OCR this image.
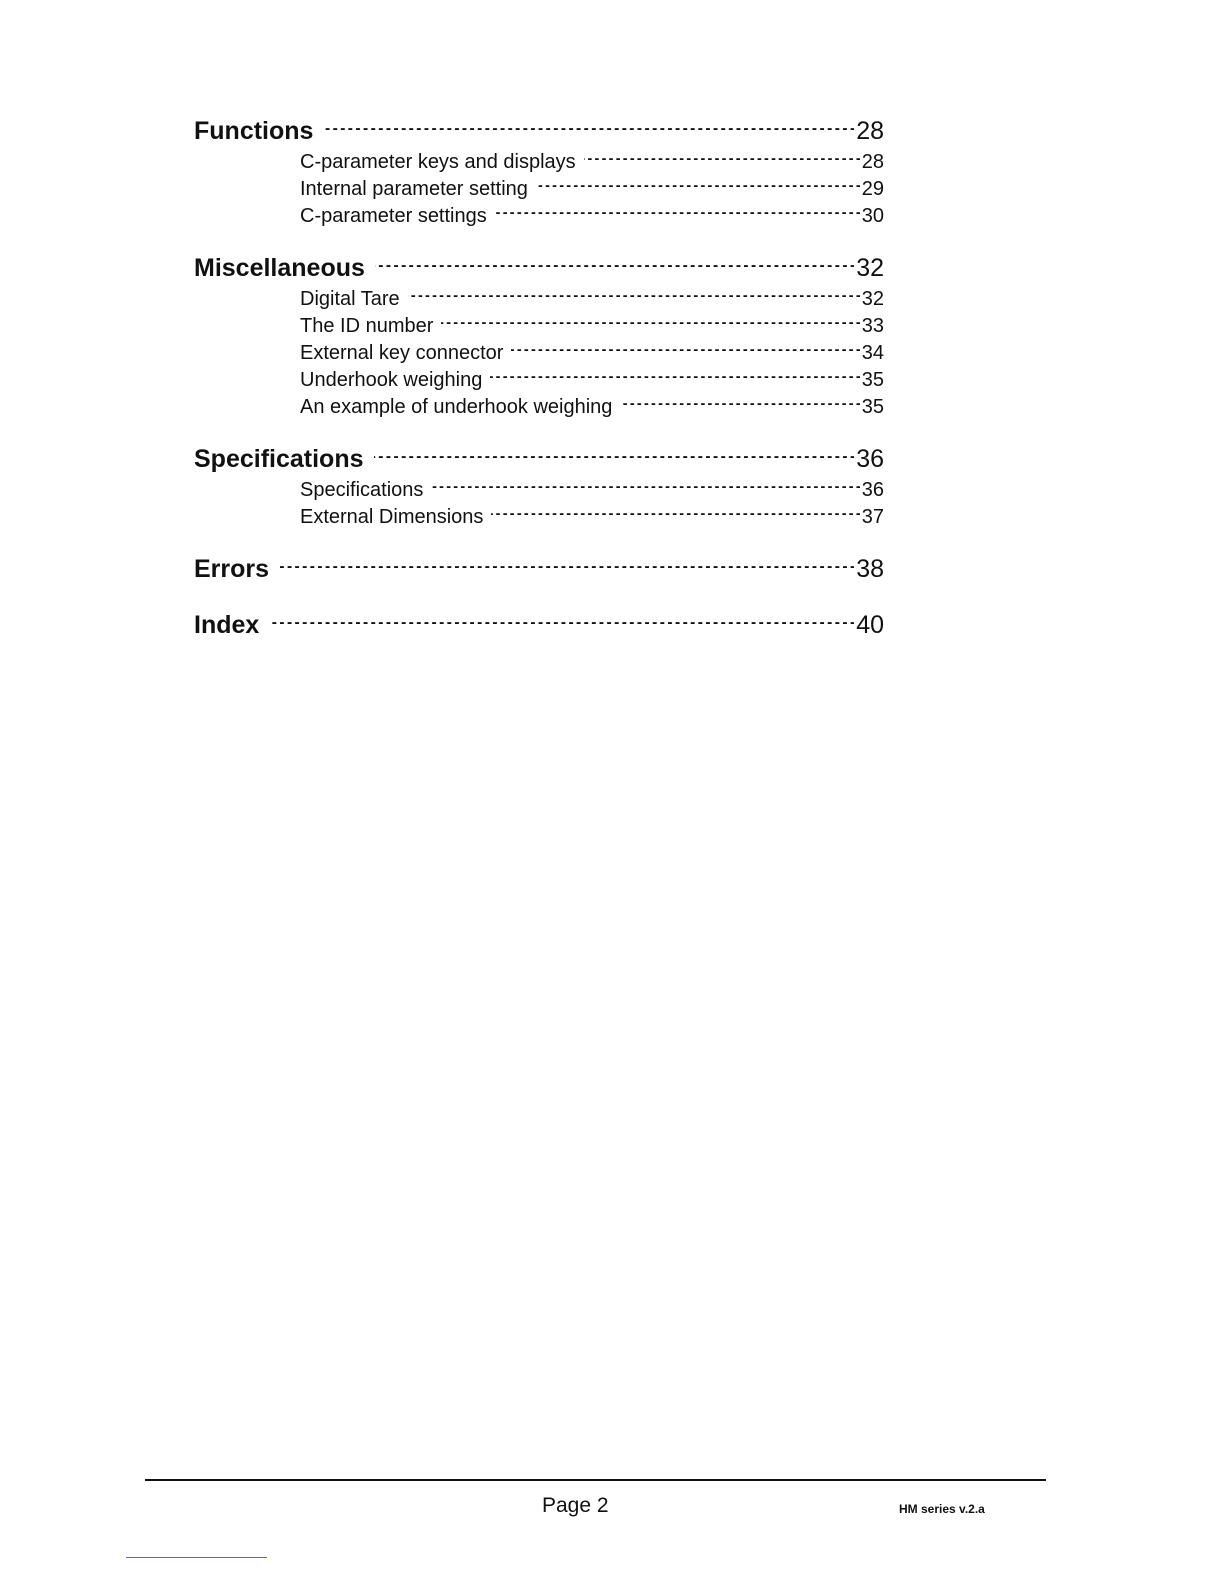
Functions - - -	28
C-parameter keys and displays - - -	28
Internal parameter setting - - -	29
C-parameter settings - - -	30
Miscellaneous - - -	32
Digital Tare - - -	32
The ID number - - -	33
External key connector - - -	34
Underhook weighing - - -	35
An example of underhook weighing - - -	35
Specifications - - -	36
Specifications - - -	36
External Dimensions - - -	37
Errors - - -	38
Index - - -	40
Page 2	HM series v.2.a
